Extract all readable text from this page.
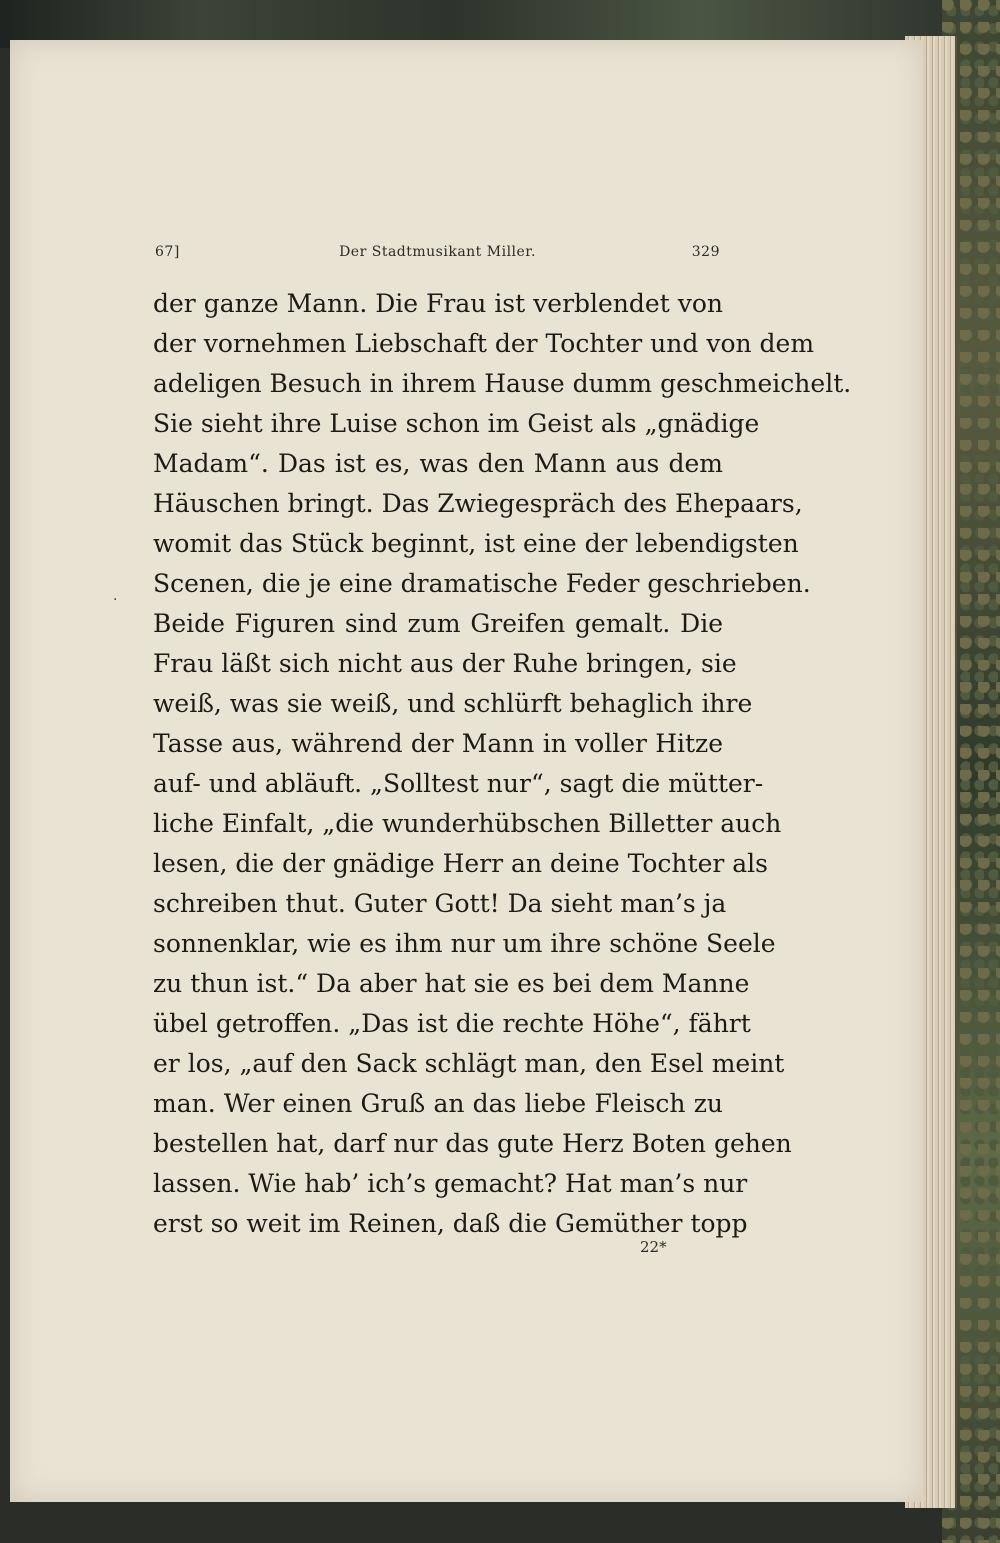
67]	Der Stadtmusikant Miller.	329
·
der ganze Mann. Die Frau ist verblendet von
der vornehmen Liebschaft der Tochter und von dem
adeligen Besuch in ihrem Hause dumm geschmeichelt.
Sie sieht ihre Luise schon im Geist als „gnädige
Madam“. Das ist es, was den Mann aus dem
Häuschen bringt. Das Zwiegespräch des Ehepaars,
womit das Stück beginnt, ist eine der lebendigsten
Scenen, die je eine dramatische Feder geschrieben.
Beide Figuren sind zum Greifen gemalt. Die
Frau läßt sich nicht aus der Ruhe bringen, sie
weiß, was sie weiß, und schlürft behaglich ihre
Tasse aus, während der Mann in voller Hitze
auf- und abläuft. „Solltest nur“, sagt die mütter-
liche Einfalt, „die wunderhübschen Billetter auch
lesen, die der gnädige Herr an deine Tochter als
schreiben thut. Guter Gott! Da sieht man’s ja
sonnenklar, wie es ihm nur um ihre schöne Seele
zu thun ist.“ Da aber hat sie es bei dem Manne
übel getroffen. „Das ist die rechte Höhe“, fährt
er los, „auf den Sack schlägt man, den Esel meint
man. Wer einen Gruß an das liebe Fleisch zu
bestellen hat, darf nur das gute Herz Boten gehen
lassen. Wie hab’ ich’s gemacht? Hat man’s nur
erst so weit im Reinen, daß die Gemüther topp
22*
